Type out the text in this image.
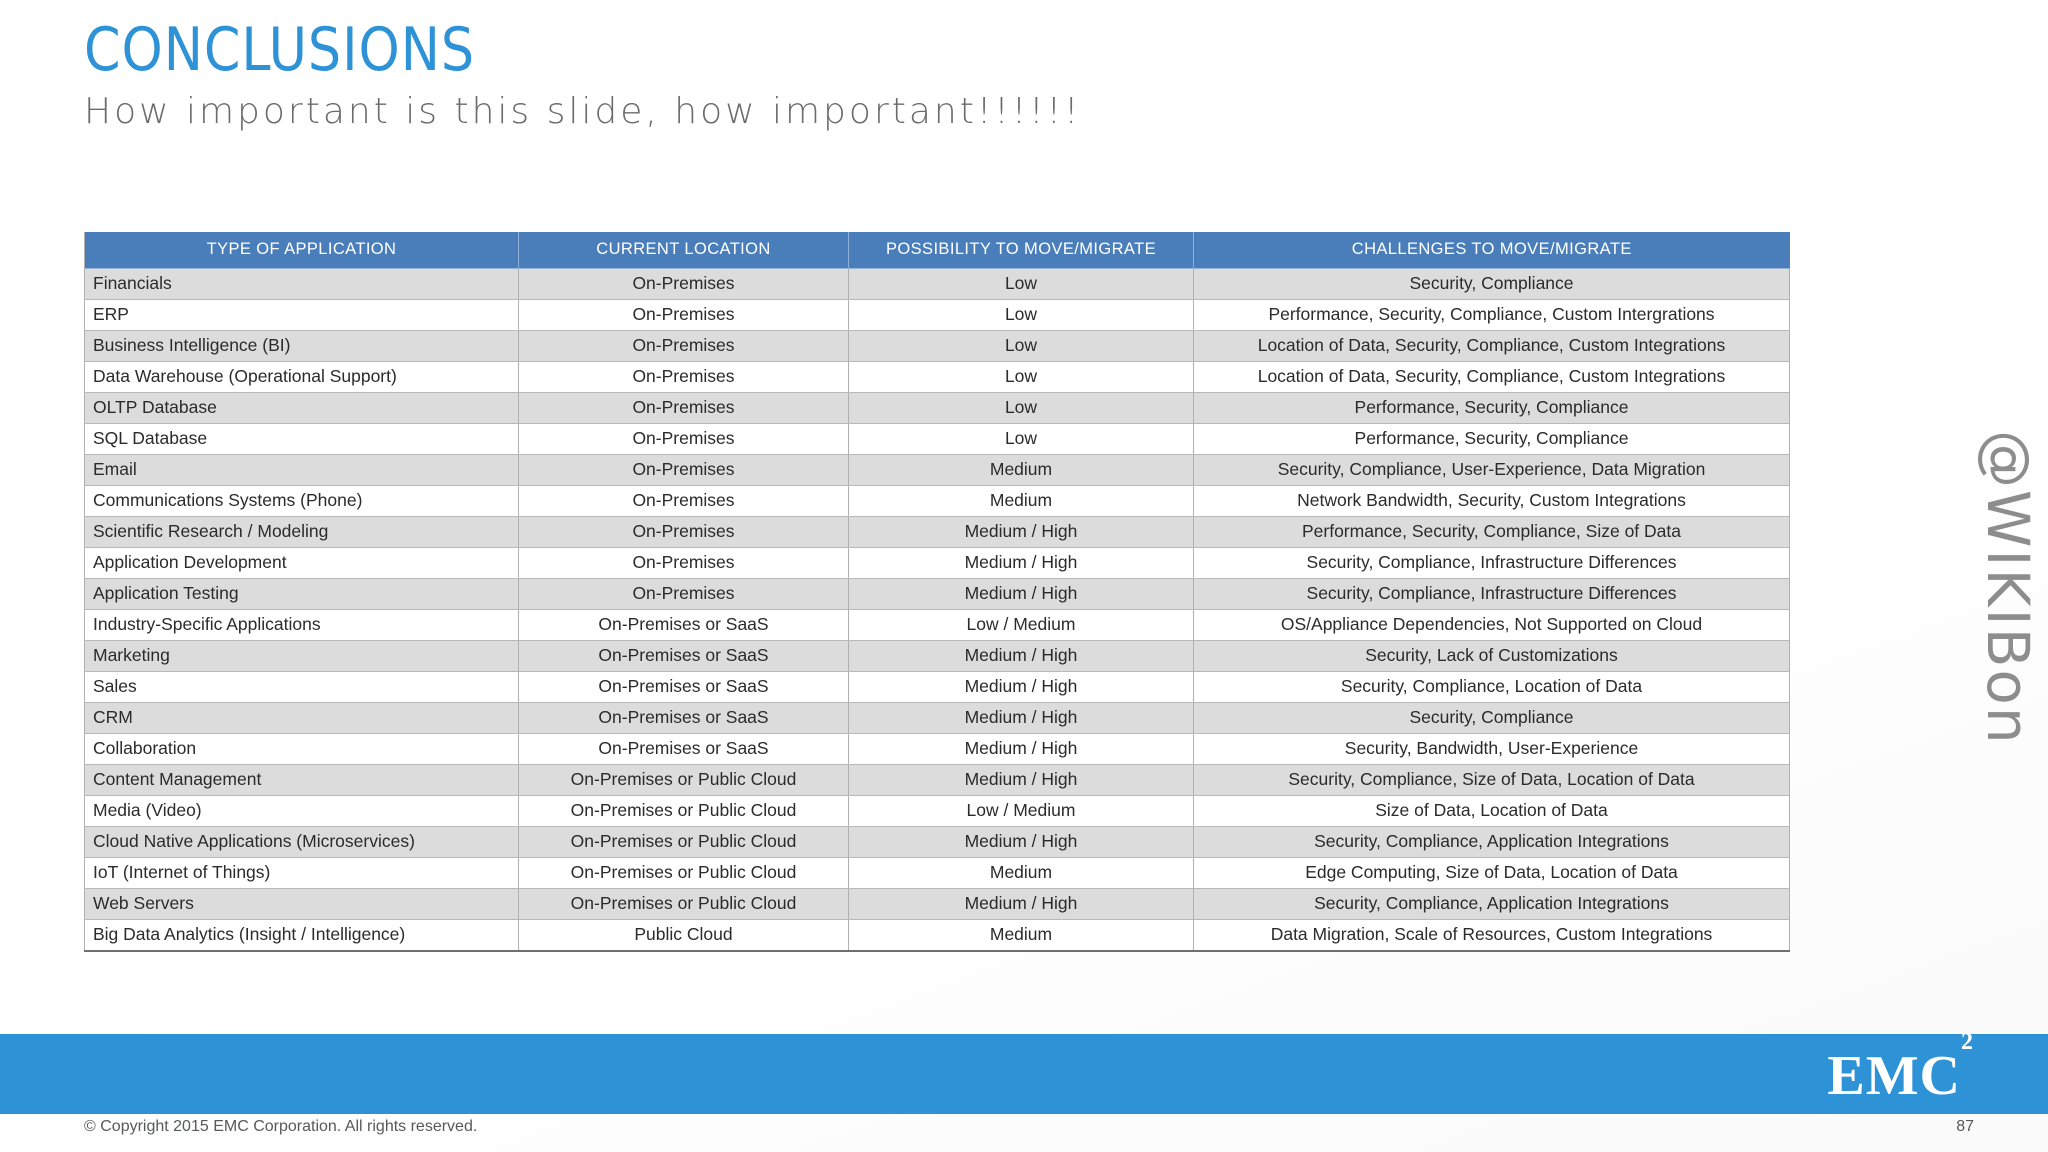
CONCLUSIONS

How important is this slide, how important!!!!!!

TYPE OF APPLICATION	CURRENT LOCATION	POSSIBILITY TO MOVE/MIGRATE	CHALLENGES TO MOVE/MIGRATE
Financials	On-Premises	Low	Security, Compliance
ERP	On-Premises	Low	Performance, Security, Compliance, Custom Intergrations
Business Intelligence (BI)	On-Premises	Low	Location of Data, Security, Compliance, Custom Integrations
Data Warehouse (Operational Support)	On-Premises	Low	Location of Data, Security, Compliance, Custom Integrations
OLTP Database	On-Premises	Low	Performance, Security, Compliance
SQL Database	On-Premises	Low	Performance, Security, Compliance
Email	On-Premises	Medium	Security, Compliance, User-Experience, Data Migration
Communications Systems (Phone)	On-Premises	Medium	Network Bandwidth, Security, Custom Integrations
Scientific Research / Modeling	On-Premises	Medium / High	Performance, Security, Compliance, Size of Data
Application Development	On-Premises	Medium / High	Security, Compliance, Infrastructure Differences
Application Testing	On-Premises	Medium / High	Security, Compliance, Infrastructure Differences
Industry-Specific Applications	On-Premises or SaaS	Low / Medium	OS/Appliance Dependencies, Not Supported on Cloud
Marketing	On-Premises or SaaS	Medium / High	Security, Lack of Customizations
Sales	On-Premises or SaaS	Medium / High	Security, Compliance, Location of Data
CRM	On-Premises or SaaS	Medium / High	Security, Compliance
Collaboration	On-Premises or SaaS	Medium / High	Security, Bandwidth, User-Experience
Content Management	On-Premises or Public Cloud	Medium / High	Security, Compliance, Size of Data, Location of Data
Media (Video)	On-Premises or Public Cloud	Low / Medium	Size of Data, Location of Data
Cloud Native Applications (Microservices)	On-Premises or Public Cloud	Medium / High	Security, Compliance, Application Integrations
IoT (Internet of Things)	On-Premises or Public Cloud	Medium	Edge Computing, Size of Data, Location of Data
Web Servers	On-Premises or Public Cloud	Medium / High	Security, Compliance, Application Integrations
Big Data Analytics (Insight / Intelligence)	Public Cloud	Medium	Data Migration, Scale of Resources, Custom Integrations
@WIKIBon
EMC$^2$
© Copyright 2015 EMC Corporation. All rights reserved.	87
